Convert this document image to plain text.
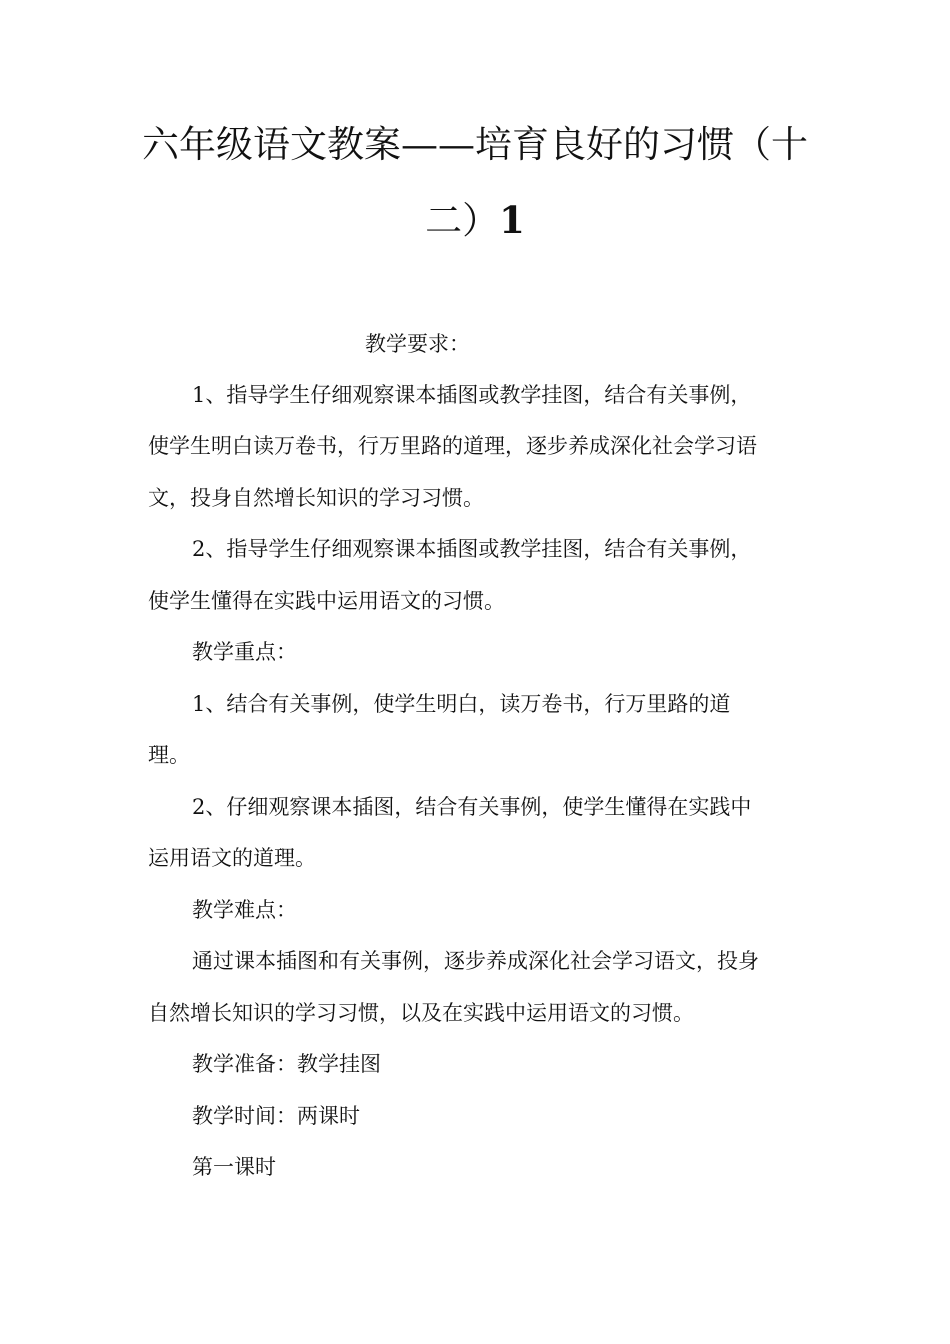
六年级语文教案——培育良好的习惯（十
二）1
教学要求：
1、指导学生仔细观察课本插图或教学挂图，结合有关事例，
使学生明白读万卷书，行万里路的道理，逐步养成深化社会学习语
文，投身自然增长知识的学习习惯。
2、指导学生仔细观察课本插图或教学挂图，结合有关事例，
使学生懂得在实践中运用语文的习惯。
教学重点：
1、结合有关事例，使学生明白，读万卷书，行万里路的道
理。
2、仔细观察课本插图，结合有关事例，使学生懂得在实践中
运用语文的道理。
教学难点：
通过课本插图和有关事例，逐步养成深化社会学习语文，投身
自然增长知识的学习习惯，以及在实践中运用语文的习惯。
教学准备：教学挂图
教学时间：两课时
第一课时
